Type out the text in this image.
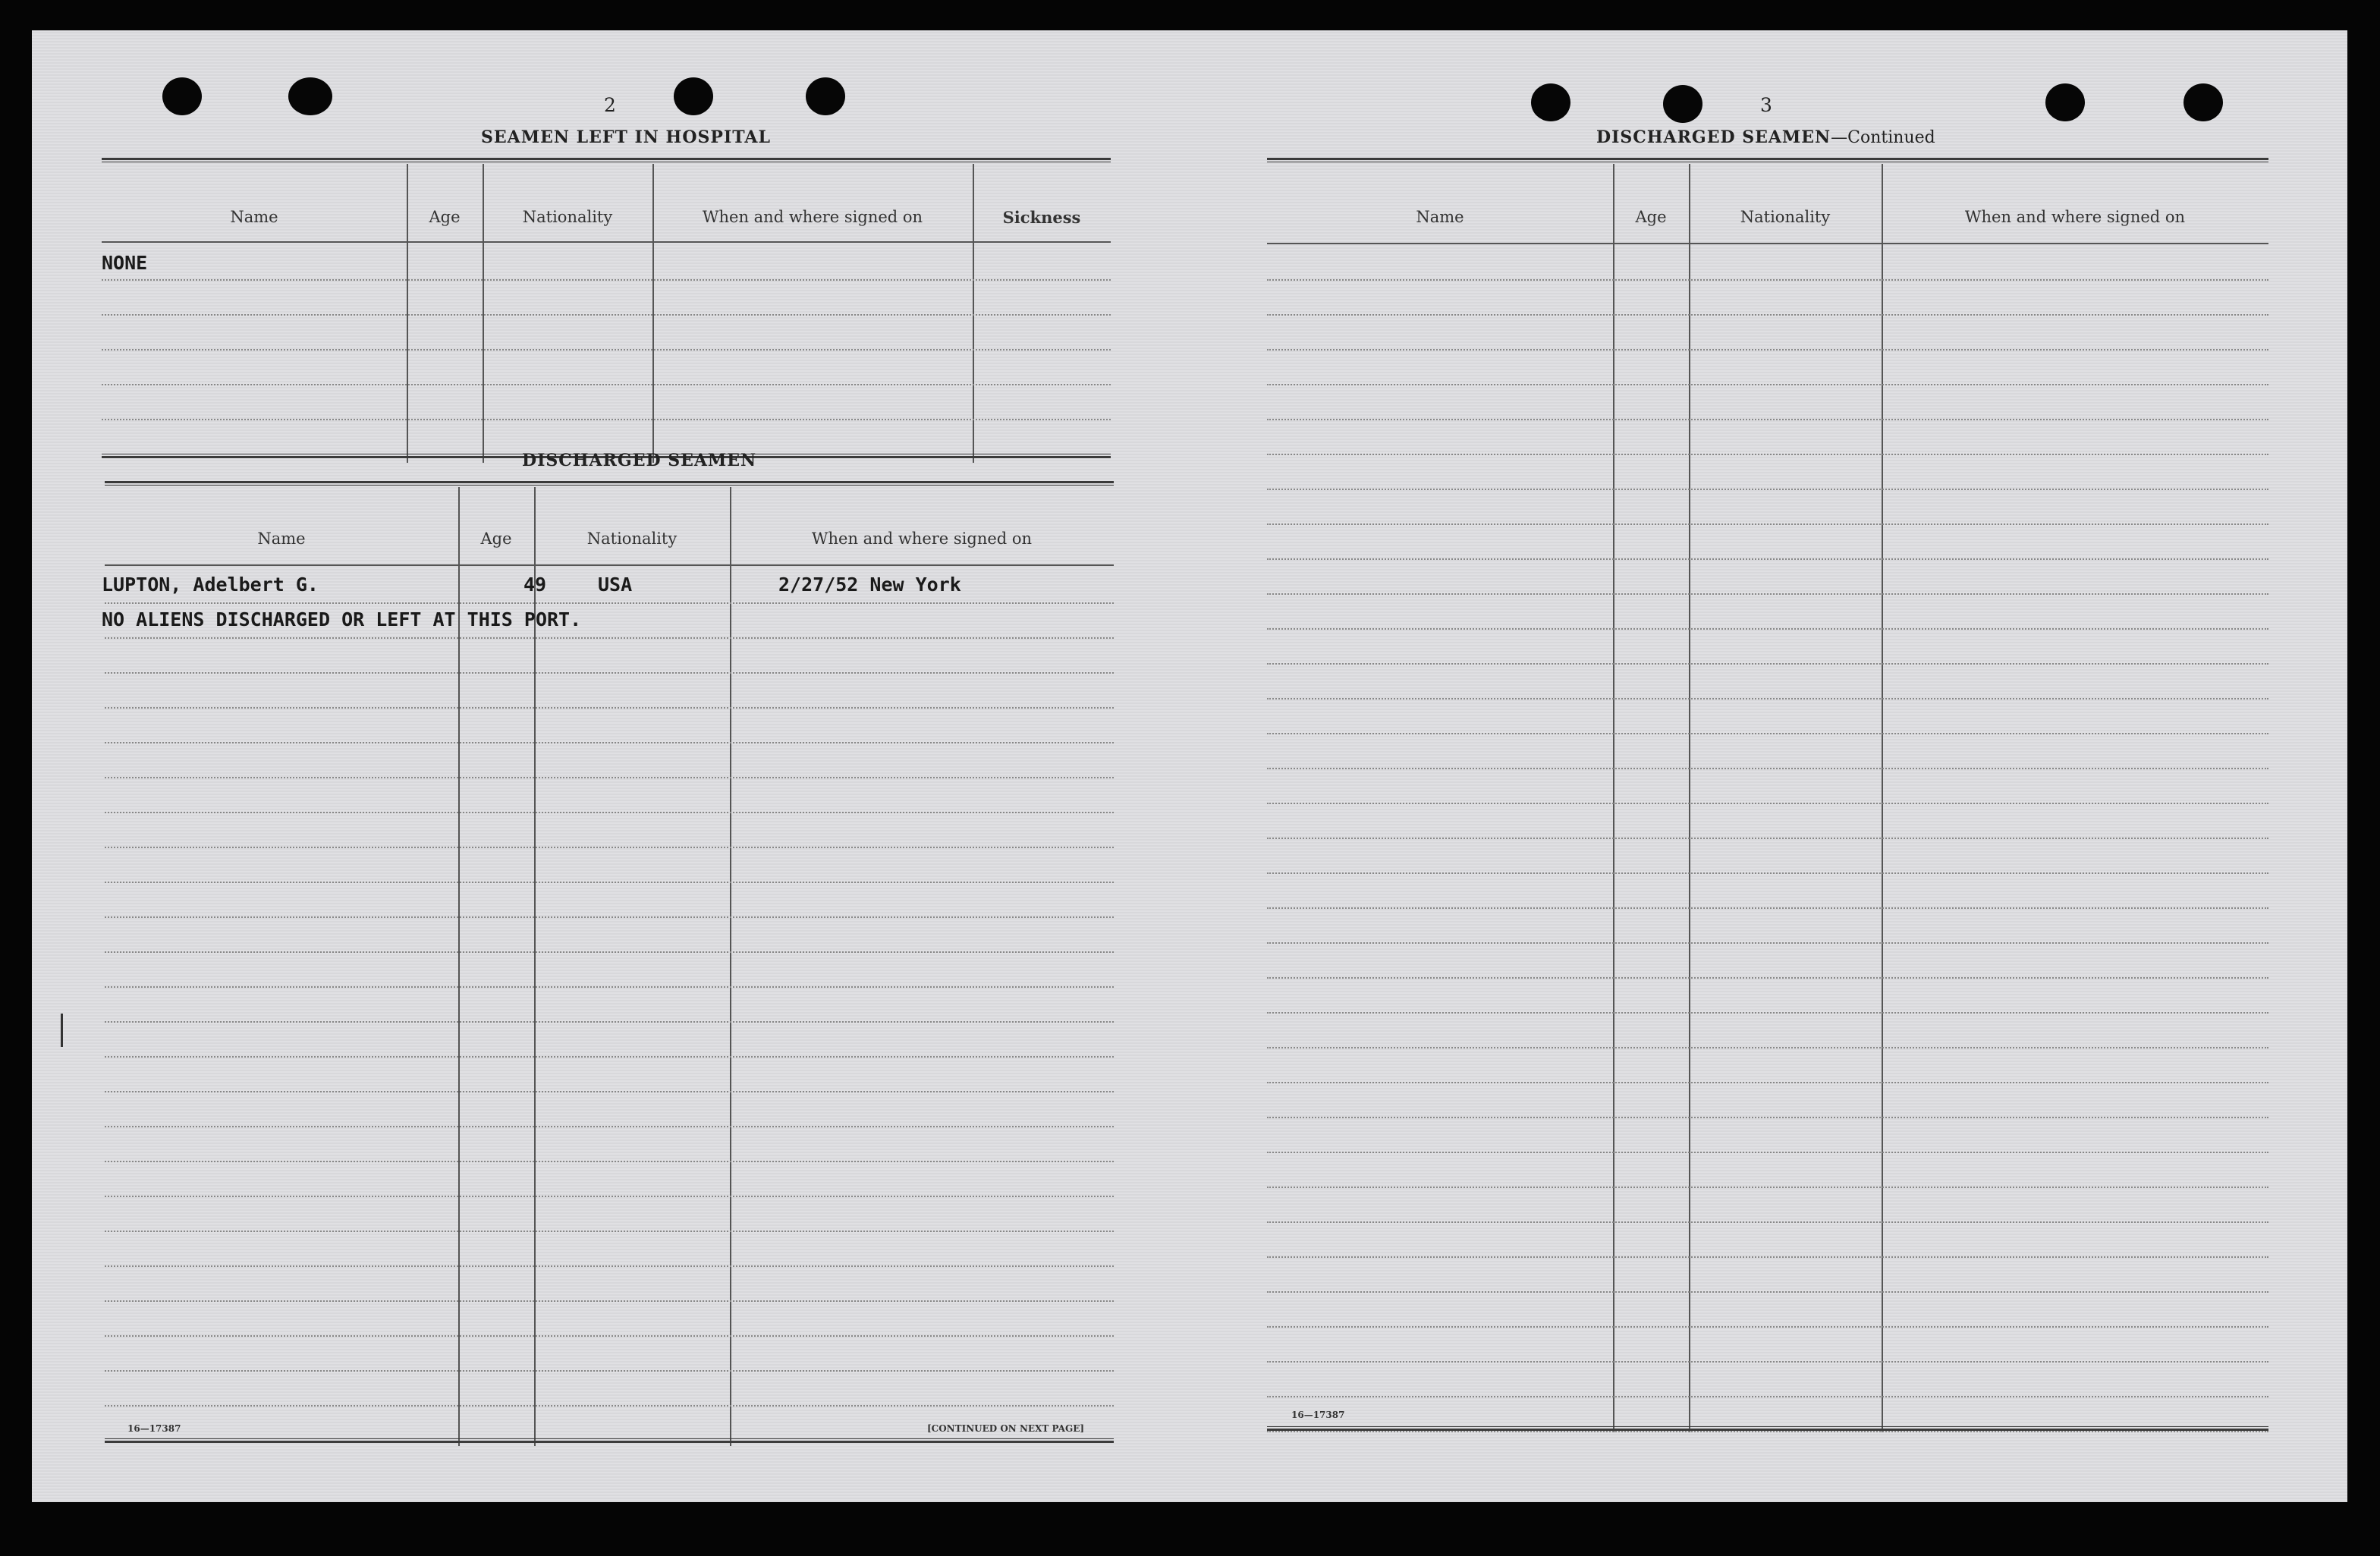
2
SEAMEN LEFT IN HOSPITAL
Name	Age	Nationality	When and where signed on	Sickness
NONE
DISCHARGED SEAMEN
Name	Age	Nationality	When and where signed on
LUPTON, Adelbert G.	49	USA	2/27/52 New York
NO ALIENS DISCHARGED OR LEFT AT THIS PORT.
16—17387	[CONTINUED ON NEXT PAGE]
3
DISCHARGED SEAMEN—Continued
Name	Age	Nationality	When and where signed on
16—17387
